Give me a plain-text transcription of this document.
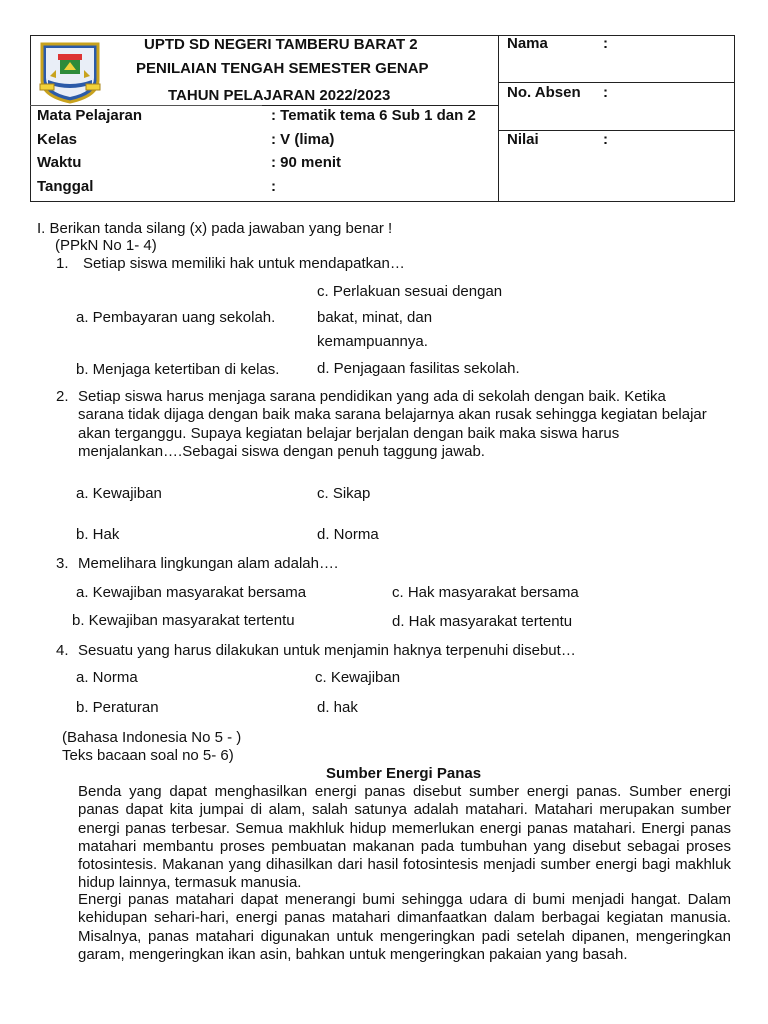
UPTD SD NEGERI TAMBERU BARAT 2
PENILAIAN TENGAH SEMESTER GENAP
TAHUN PELAJARAN 2022/2023
Mata Pelajaran	: Tematik tema 6 Sub 1 dan 2
Kelas	: V (lima)
Waktu	: 90 menit
Tanggal	:
Nama	:
No. Absen :
Nilai	:
I. Berikan tanda silang (x) pada jawaban yang benar !
(PPkN No 1- 4)
1. Setiap siswa memiliki hak untuk mendapatkan…
c. Perlakuan sesuai dengan
a. Pembayaran uang sekolah.	bakat, minat, dan
kemampuannya.
b. Menjaga ketertiban di kelas.	d. Penjagaan fasilitas sekolah.
2. Setiap siswa harus menjaga sarana pendidikan yang ada di sekolah dengan baik. Ketika
sarana tidak dijaga dengan baik maka sarana belajarnya akan rusak sehingga kegiatan belajar
akan terganggu. Supaya kegiatan belajar berjalan dengan baik maka siswa harus
menjalankan….Sebagai siswa dengan penuh taggung jawab.
a. Kewajiban	c. Sikap
b. Hak	d. Norma
3. Memelihara lingkungan alam adalah….
a. Kewajiban masyarakat bersama	c. Hak masyarakat bersama
b. Kewajiban masyarakat tertentu	d. Hak masyarakat tertentu
4. Sesuatu yang harus dilakukan untuk menjamin haknya terpenuhi disebut…
a. Norma	c. Kewajiban
b. Peraturan	d. hak
(Bahasa Indonesia No 5 - )
Teks bacaan soal no 5- 6)
Sumber Energi Panas
Benda yang dapat menghasilkan energi panas disebut sumber energi panas. Sumber energi panas dapat kita jumpai di alam, salah satunya adalah matahari. Matahari merupakan sumber energi panas terbesar. Semua makhluk hidup memerlukan energi panas matahari. Energi panas matahari membantu proses pembuatan makanan pada tumbuhan yang disebut sebagai proses fotosintesis. Makanan yang dihasilkan dari hasil fotosintesis menjadi sumber energi bagi makhluk hidup lainnya, termasuk manusia.
Energi panas matahari dapat menerangi bumi sehingga udara di bumi menjadi hangat. Dalam kehidupan sehari-hari, energi panas matahari dimanfaatkan dalam berbagai kegiatan manusia. Misalnya, panas matahari digunakan untuk mengeringkan padi setelah dipanen, mengeringkan garam, mengeringkan ikan asin, bahkan untuk mengeringkan pakaian yang basah.
